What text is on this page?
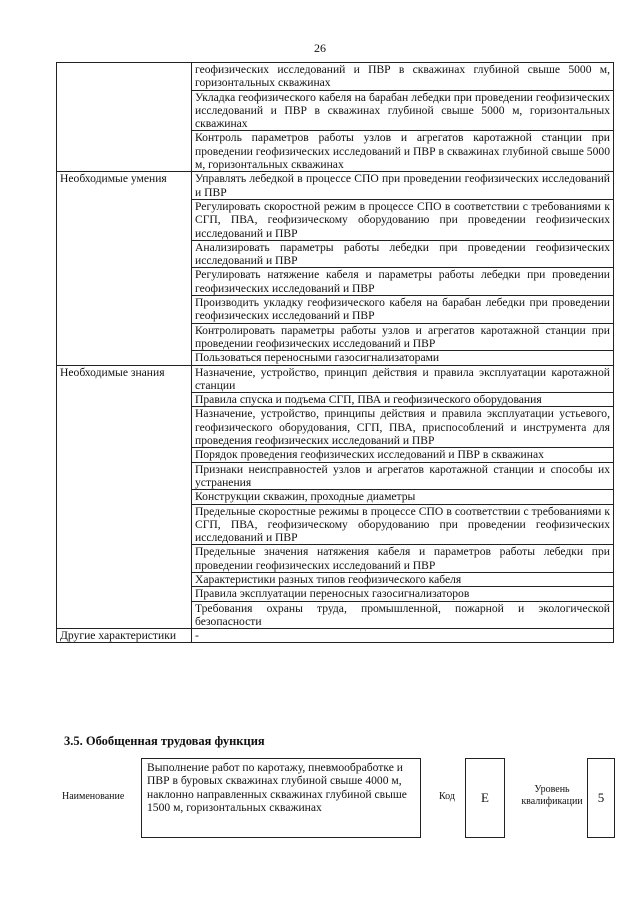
26
	геофизических исследований и ПВР в скважинах глубиной свыше 5000 м, горизонтальных скважинах
	Укладка геофизического кабеля на барабан лебедки при проведении геофизических исследований и ПВР в скважинах глубиной свыше 5000 м, горизонтальных скважинах
	Контроль параметров работы узлов и агрегатов каротажной станции при проведении геофизических исследований и ПВР в скважинах глубиной свыше 5000 м, горизонтальных скважинах
Необходимые умения	Управлять лебедкой в процессе СПО при проведении геофизических исследований и ПВР
	Регулировать скоростной режим в процессе СПО в соответствии с требованиями к СГП, ПВА, геофизическому оборудованию при проведении геофизических исследований и ПВР
	Анализировать параметры работы лебедки при проведении геофизических исследований и ПВР
	Регулировать натяжение кабеля и параметры работы лебедки при проведении геофизических исследований и ПВР
	Производить укладку геофизического кабеля на барабан лебедки при проведении геофизических исследований и ПВР
	Контролировать параметры работы узлов и агрегатов каротажной станции при проведении геофизических исследований и ПВР
	Пользоваться переносными газосигнализаторами
Необходимые знания	Назначение, устройство, принцип действия и правила эксплуатации каротажной станции
	Правила спуска и подъема СГП, ПВА и геофизического оборудования
	Назначение, устройство, принципы действия и правила эксплуатации устьевого, геофизического оборудования, СГП, ПВА, приспособлений и инструмента для проведения геофизических исследований и ПВР
	Порядок проведения геофизических исследований и ПВР в скважинах
	Признаки неисправностей узлов и агрегатов каротажной станции и способы их устранения
	Конструкции скважин, проходные диаметры
	Предельные скоростные режимы в процессе СПО в соответствии с требованиями к СГП, ПВА, геофизическому оборудованию при проведении геофизических исследований и ПВР
	Предельные значения натяжения кабеля и параметров работы лебедки при проведении геофизических исследований и ПВР
	Характеристики разных типов геофизического кабеля
	Правила эксплуатации переносных газосигнализаторов
	Требования охраны труда, промышленной, пожарной и экологической безопасности
Другие характеристики	-
3.5. Обобщенная трудовая функция
Наименование
Выполнение работ по каротажу, пневмообработке и ПВР в буровых скважинах глубиной свыше 4000 м, наклонно направленных скважинах глубиной свыше 1500 м, горизонтальных скважинах
Код	Е
Уровень квалификации	5
